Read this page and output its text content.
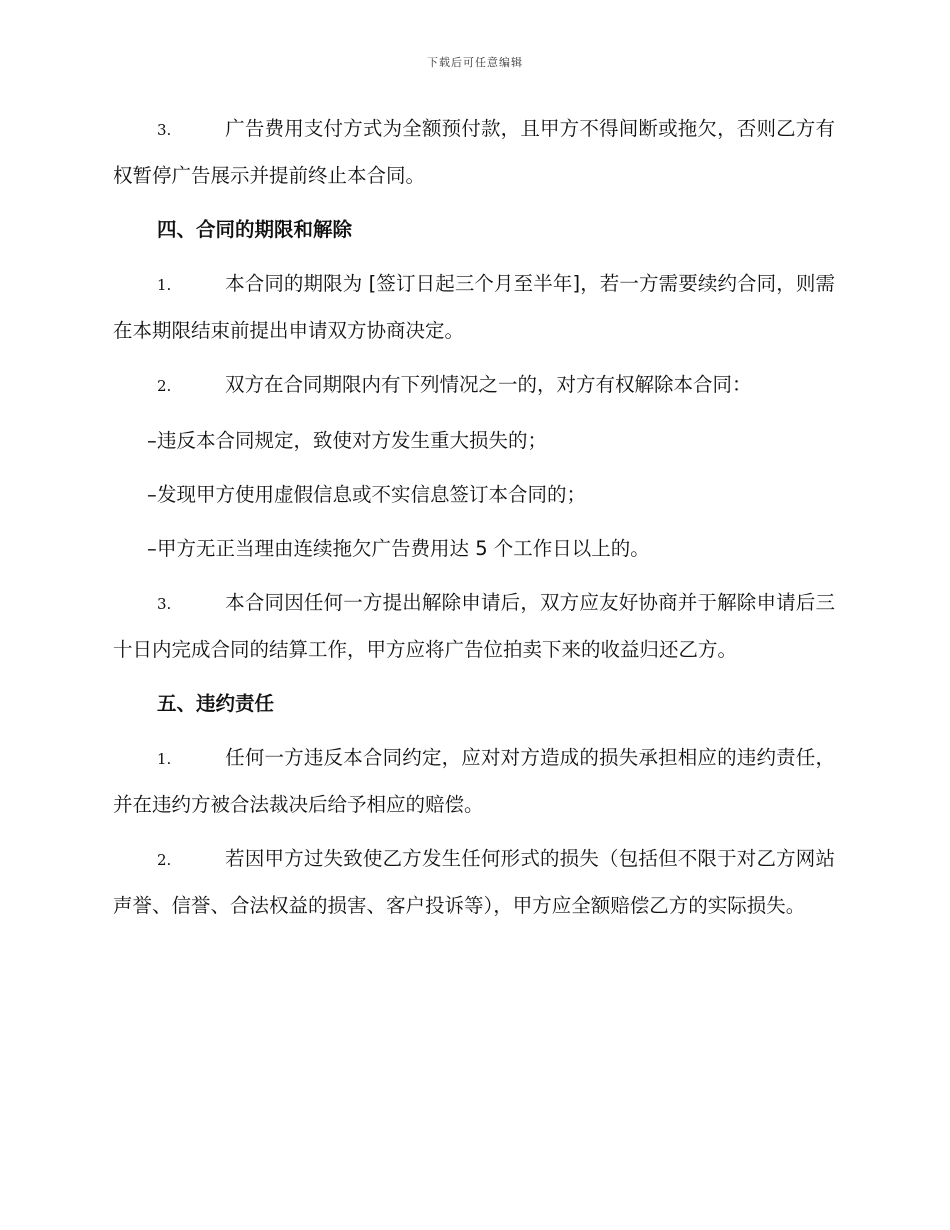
下载后可任意编辑

3.	广告费用支付方式为全额预付款，且甲方不得间断或拖欠，否则乙方有权暂停广告展示并提前终止本合同。

四、合同的期限和解除

1.	本合同的期限为 [签订日起三个月至半年]，若一方需要续约合同，则需在本期限结束前提出申请双方协商决定。

2.	双方在合同期限内有下列情况之一的，对方有权解除本合同：

–违反本合同规定，致使对方发生重大损失的；

–发现甲方使用虚假信息或不实信息签订本合同的；

–甲方无正当理由连续拖欠广告费用达 5 个工作日以上的。

3.	本合同因任何一方提出解除申请后，双方应友好协商并于解除申请后三十日内完成合同的结算工作，甲方应将广告位拍卖下来的收益归还乙方。

五、违约责任

1.	任何一方违反本合同约定，应对对方造成的损失承担相应的违约责任，并在违约方被合法裁决后给予相应的赔偿。

2.	若因甲方过失致使乙方发生任何形式的损失（包括但不限于对乙方网站声誉、信誉、合法权益的损害、客户投诉等），甲方应全额赔偿乙方的实际损失。
